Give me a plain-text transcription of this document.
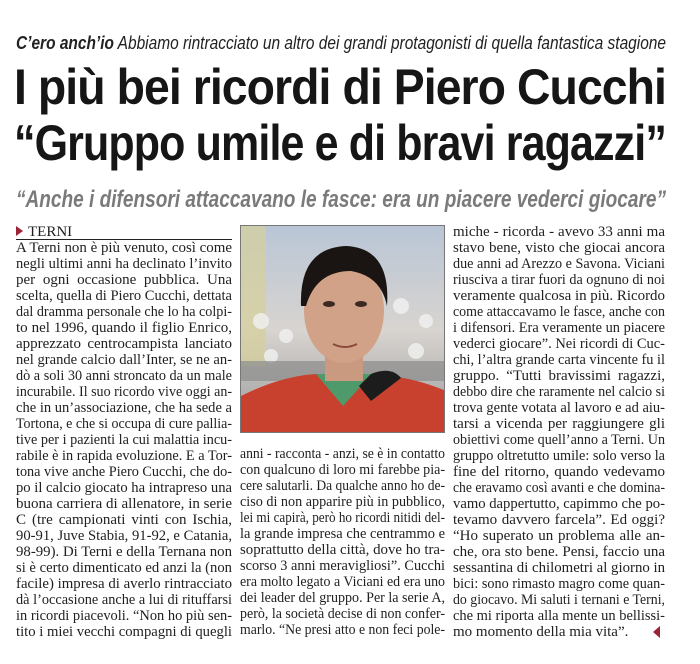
C’ero anch’io Abbiamo rintracciato un altro dei grandi protagonisti di quella fantastica stagione
I più bei ricordi di Piero Cucchi
“Gruppo umile e di bravi ragazzi”
“Anche i difensori attaccavano le fasce: era un piacere vederci giocare”
TERNI
A Terni non è più venuto, così come
negli ultimi anni ha declinato l’invito
per ogni occasione pubblica. Una
scelta, quella di Piero Cucchi, dettata
dal dramma personale che lo ha colpi-
to nel 1996, quando il figlio Enrico,
apprezzato centrocampista lanciato
nel grande calcio dall’Inter, se ne an-
dò a soli 30 anni stroncato da un male
incurabile. Il suo ricordo vive oggi an-
che in un’associazione, che ha sede a
Tortona, e che si occupa di cure pallia-
tive per i pazienti la cui malattia incu-
rabile è in rapida evoluzione. E a Tor-
tona vive anche Piero Cucchi, che do-
po il calcio giocato ha intrapreso una
buona carriera di allenatore, in serie
C (tre campionati vinti con Ischia,
90-91, Juve Stabia, 91-92, e Catania,
98-99). Di Terni e della Ternana non
si è certo dimenticato ed anzi la (non
facile) impresa di averlo rintracciato
dà l’occasione anche a lui di rituffarsi
in ricordi piacevoli. “Non ho più sen-
tito i miei vecchi compagni di quegli
anni - racconta - anzi, se è in contatto
con qualcuno di loro mi farebbe pia-
cere salutarli. Da qualche anno ho de-
ciso di non apparire più in pubblico,
lei mi capirà, però ho ricordi nitidi del-
la grande impresa che centrammo e
soprattutto della città, dove ho tra-
scorso 3 anni meravigliosi”. Cucchi
era molto legato a Viciani ed era uno
dei leader del gruppo. Per la serie A,
però, la società decise di non confer-
marlo. “Ne presi atto e non feci pole-
miche - ricorda - avevo 33 anni ma
stavo bene, visto che giocai ancora
due anni ad Arezzo e Savona. Viciani
riusciva a tirar fuori da ognuno di noi
veramente qualcosa in più. Ricordo
come attaccavamo le fasce, anche con
i difensori. Era veramente un piacere
vederci giocare”. Nei ricordi di Cuc-
chi, l’altra grande carta vincente fu il
gruppo. “Tutti bravissimi ragazzi,
debbo dire che raramente nel calcio si
trova gente votata al lavoro e ad aiu-
tarsi a vicenda per raggiungere gli
obiettivi come quell’anno a Terni. Un
gruppo oltretutto umile: solo verso la
fine del ritorno, quando vedevamo
che eravamo così avanti e che domina-
vamo dappertutto, capimmo che po-
tevamo davvero farcela”. Ed oggi?
“Ho superato un problema alle an-
che, ora sto bene. Pensi, faccio una
sessantina di chilometri al giorno in
bici: sono rimasto magro come quan-
do giocavo. Mi saluti i ternani e Terni,
che mi riporta alla mente un bellissi-
mo momento della mia vita”.
